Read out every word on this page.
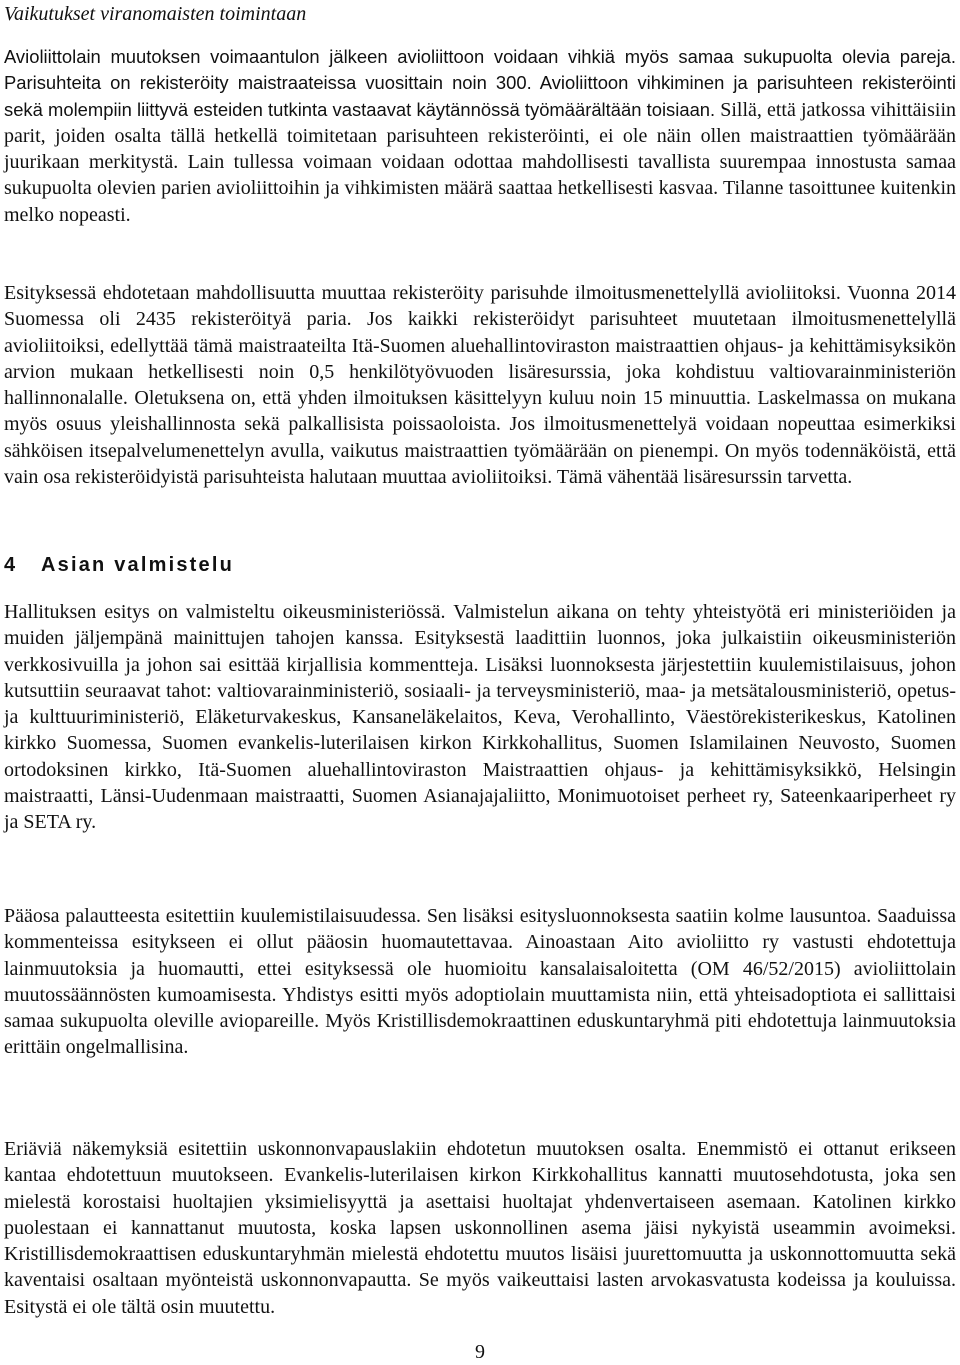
Vaikutukset viranomaisten toimintaan

Avioliittolain muutoksen voimaantulon jälkeen avioliittoon voidaan vihkiä myös samaa sukupuolta olevia pareja. Parisuhteita on rekisteröity maistraateissa vuosittain noin 300. Avioliittoon vihkiminen ja parisuhteen rekisteröinti sekä molempiin liittyvä esteiden tutkinta vastaavat käytännössä työmäärältään toisiaan. Sillä, että jatkossa vihittäisiin parit, joiden osalta tällä hetkellä toimitetaan parisuhteen rekisteröinti, ei ole näin ollen maistraattien työmäärään juurikaan merkitystä. Lain tullessa voimaan voidaan odottaa mahdollisesti tavallista suurempaa innostusta samaa sukupuolta olevien parien avioliittoihin ja vihkimisten määrä saattaa hetkellisesti kasvaa. Tilanne tasoittunee kuitenkin melko nopeasti.

Esityksessä ehdotetaan mahdollisuutta muuttaa rekisteröity parisuhde ilmoitusmenettelyllä avioliitoksi. Vuonna 2014 Suomessa oli 2435 rekisteröityä paria. Jos kaikki rekisteröidyt parisuhteet muutetaan ilmoitusmenettelyllä avioliitoiksi, edellyttää tämä maistraateilta Itä-Suomen aluehallintoviraston maistraattien ohjaus- ja kehittämisyksikön arvion mukaan hetkellisesti noin 0,5 henkilötyövuoden lisäresurssia, joka kohdistuu valtiovarainministeriön hallinnonalalle. Oletuksena on, että yhden ilmoituksen käsittelyyn kuluu noin 15 minuuttia. Laskelmassa on mukana myös osuus yleishallinnosta sekä palkallisista poissaoloista. Jos ilmoitusmenettelyä voidaan nopeuttaa esimerkiksi sähköisen itsepalvelumenettelyn avulla, vaikutus maistraattien työmäärään on pienempi. On myös todennäköistä, että vain osa rekisteröidyistä parisuhteista halutaan muuttaa avioliitoiksi. Tämä vähentää lisäresurssin tarvetta.

4 Asian valmistelu

Hallituksen esitys on valmisteltu oikeusministeriössä. Valmistelun aikana on tehty yhteistyötä eri ministeriöiden ja muiden jäljempänä mainittujen tahojen kanssa. Esityksestä laadittiin luonnos, joka julkaistiin oikeusministeriön verkkosivuilla ja johon sai esittää kirjallisia kommentteja. Lisäksi luonnoksesta järjestettiin kuulemistilaisuus, johon kutsuttiin seuraavat tahot: valtiovarainministeriö, sosiaali- ja terveysministeriö, maa- ja metsätalousministeriö, opetus- ja kulttuuriministeriö, Eläketurvakeskus, Kansaneläkelaitos, Keva, Verohallinto, Väestörekisterikeskus, Katolinen kirkko Suomessa, Suomen evankelis-luterilaisen kirkon Kirkkohallitus, Suomen Islamilainen Neuvosto, Suomen ortodoksinen kirkko, Itä-Suomen aluehallintoviraston Maistraattien ohjaus- ja kehittämisyksikkö, Helsingin maistraatti, Länsi-Uudenmaan maistraatti, Suomen Asianajajaliitto, Monimuotoiset perheet ry, Sateenkaariperheet ry ja SETA ry.

Pääosa palautteesta esitettiin kuulemistilaisuudessa. Sen lisäksi esitysluonnoksesta saatiin kolme lausuntoa. Saaduissa kommenteissa esitykseen ei ollut pääosin huomautettavaa. Ainoastaan Aito avioliitto ry vastusti ehdotettuja lainmuutoksia ja huomautti, ettei esityksessä ole huomioitu kansalaisaloitetta (OM 46/52/2015) avioliittolain muutossäännösten kumoamisesta. Yhdistys esitti myös adoptiolain muuttamista niin, että yhteisadoptiota ei sallittaisi samaa sukupuolta oleville aviopareille. Myös Kristillisdemokraattinen eduskuntaryhmä piti ehdotettuja lainmuutoksia erittäin ongelmallisina.

Eriäviä näkemyksiä esitettiin uskonnonvapauslakiin ehdotetun muutoksen osalta. Enemmistö ei ottanut erikseen kantaa ehdotettuun muutokseen. Evankelis-luterilaisen kirkon Kirkkohallitus kannatti muutosehdotusta, joka sen mielestä korostaisi huoltajien yksimielisyyttä ja asettaisi huoltajat yhdenvertaiseen asemaan. Katolinen kirkko puolestaan ei kannattanut muutosta, koska lapsen uskonnollinen asema jäisi nykyistä useammin avoimeksi. Kristillisdemokraattisen eduskuntaryhmän mielestä ehdotettu muutos lisäisi juurettomuutta ja uskonnottomuutta sekä kaventaisi osaltaan myönteistä uskonnonvapautta. Se myös vaikeuttaisi lasten arvokasvatusta kodeissa ja kouluissa. Esitystä ei ole tältä osin muutettu.

9
